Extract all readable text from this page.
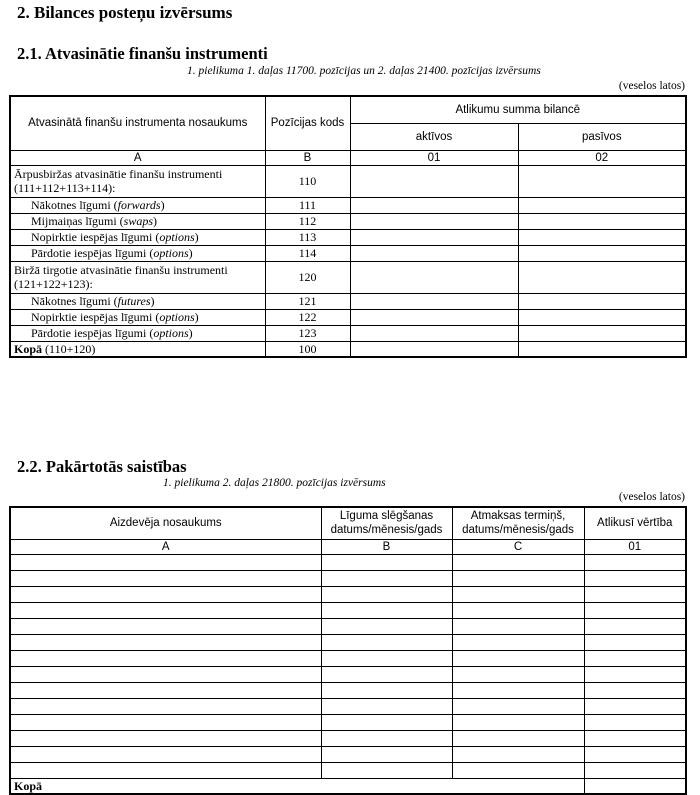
2. Bilances posteņu izvērsums
2.1. Atvasinātie finanšu instrumenti
1. pielikuma 1. daļas 11700. pozīcijas un 2. daļas 21400. pozīcijas izvērsums
(veselos latos)
Atvasinātā finanšu instrumenta nosaukums	Pozīcijas kods	Atlikumu summa bilancē	
		aktīvos	pasīvos
A	B	01	02
Ārpusbiržas atvasinātie finanšu instrumenti (111+112+113+114):	110		
Nākotnes līgumi (forwards)	111		
Mijmaiņas līgumi (swaps)	112		
Nopirktie iespējas līgumi (options)	113		
Pārdotie iespējas līgumi (options)	114		
Biržā tirgotie atvasinātie finanšu instrumenti (121+122+123):	120		
Nākotnes līgumi (futures)	121		
Nopirktie iespējas līgumi (options)	122		
Pārdotie iespējas līgumi (options)	123		
Kopā (110+120)	100		
2.2. Pakārtotās saistības
1. pielikuma 2. daļas 21800. pozīcijas izvērsums
(veselos latos)
Aizdevēja nosaukums	Līguma slēgšanas datums/mēnesis/gads	Atmaksas termiņš, datums/mēnesis/gads	Atlikusī vērtība
A	B	C	01

Kopā			
